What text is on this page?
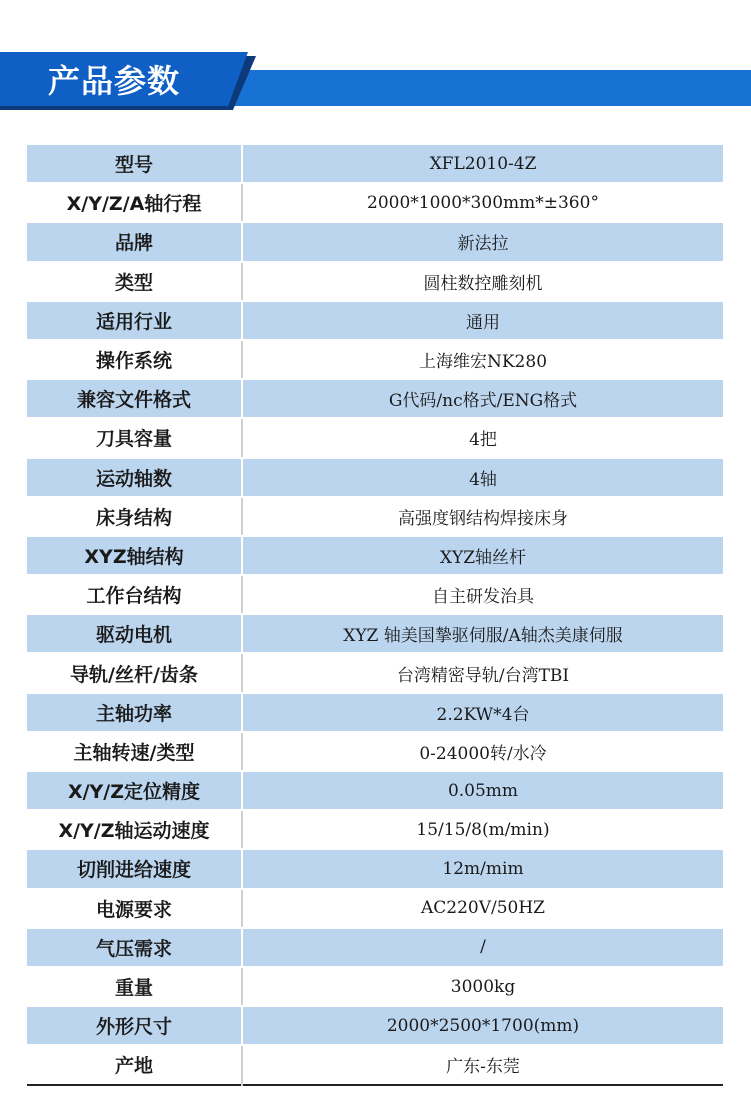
产品参数
型号	XFL2010-4Z
X/Y/Z/A轴行程	2000*1000*300mm*±360°
品牌	新法拉
类型	圆柱数控雕刻机
适用行业	通用
操作系统	上海维宏NK280
兼容文件格式	G代码/nc格式/ENG格式
刀具容量	4把
运动轴数	4轴
床身结构	高强度钢结构焊接床身
XYZ轴结构	XYZ轴丝杆
工作台结构	自主研发治具
驱动电机	XYZ 轴美国摯驱伺服/A轴杰美康伺服
导轨/丝杆/齿条	台湾精密导轨/台湾TBI
主轴功率	2.2KW*4台
主轴转速/类型	0-24000转/水冷
X/Y/Z定位精度	0.05mm
X/Y/Z轴运动速度	15/15/8(m/min)
切削进给速度	12m/mim
电源要求	AC220V/50HZ
气压需求	/
重量	3000kg
外形尺寸	2000*2500*1700(mm)
产地	广东-东莞
